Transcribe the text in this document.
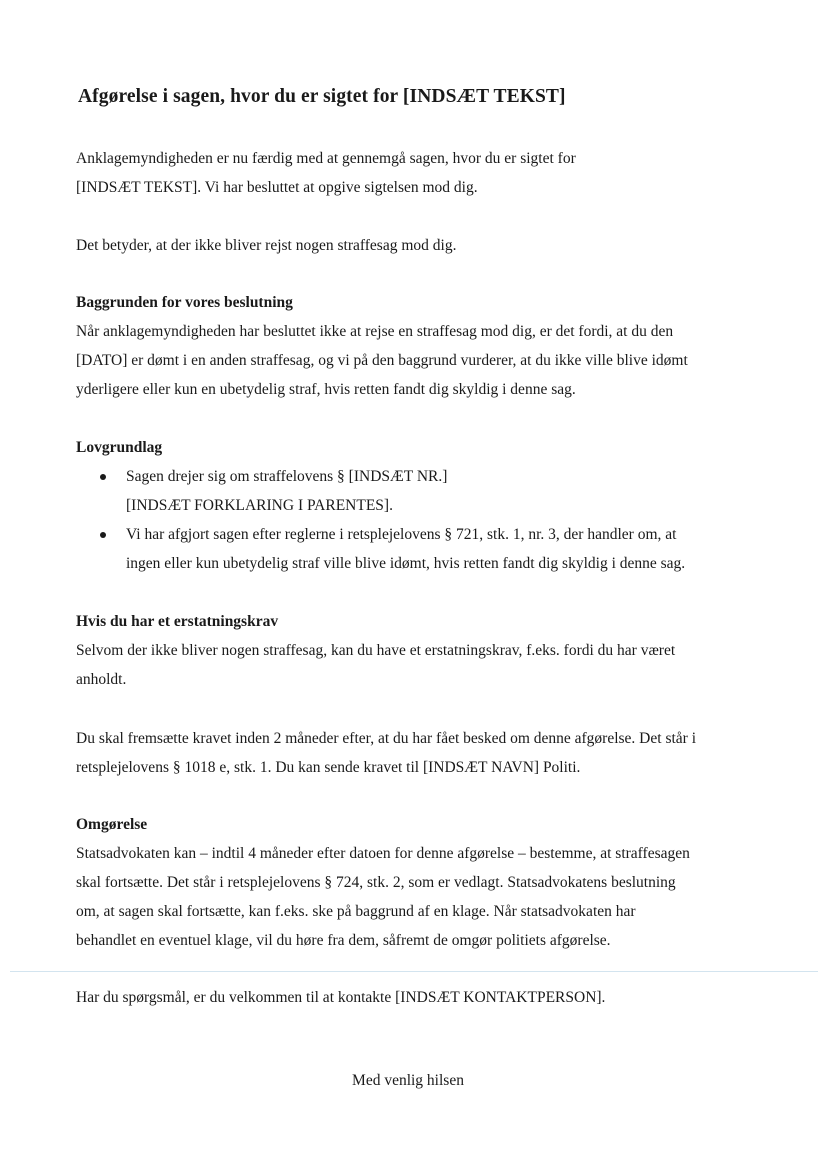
Afgørelse i sagen, hvor du er sigtet for [INDSÆT TEKST]
Anklagemyndigheden er nu færdig med at gennemgå sagen, hvor du er sigtet for
[INDSÆT TEKST]. Vi har besluttet at opgive sigtelsen mod dig.
Det betyder, at der ikke bliver rejst nogen straffesag mod dig.
Baggrunden for vores beslutning
Når anklagemyndigheden har besluttet ikke at rejse en straffesag mod dig, er det fordi, at du den
[DATO] er dømt i en anden straffesag, og vi på den baggrund vurderer, at du ikke ville blive idømt
yderligere eller kun en ubetydelig straf, hvis retten fandt dig skyldig i denne sag.
Lovgrundlag
Sagen drejer sig om straffelovens § [INDSÆT NR.]
[INDSÆT FORKLARING I PARENTES].
Vi har afgjort sagen efter reglerne i retsplejelovens § 721, stk. 1, nr. 3, der handler om, at
ingen eller kun ubetydelig straf ville blive idømt, hvis retten fandt dig skyldig i denne sag.
Hvis du har et erstatningskrav
Selvom der ikke bliver nogen straffesag, kan du have et erstatningskrav, f.eks. fordi du har været
anholdt.
Du skal fremsætte kravet inden 2 måneder efter, at du har fået besked om denne afgørelse. Det står i
retsplejelovens § 1018 e, stk. 1. Du kan sende kravet til [INDSÆT NAVN] Politi.
Omgørelse
Statsadvokaten kan – indtil 4 måneder efter datoen for denne afgørelse – bestemme, at straffesagen
skal fortsætte. Det står i retsplejelovens § 724, stk. 2, som er vedlagt. Statsadvokatens beslutning
om, at sagen skal fortsætte, kan f.eks. ske på baggrund af en klage. Når statsadvokaten har
behandlet en eventuel klage, vil du høre fra dem, såfremt de omgør politiets afgørelse.
Har du spørgsmål, er du velkommen til at kontakte [INDSÆT KONTAKTPERSON].
Med venlig hilsen
